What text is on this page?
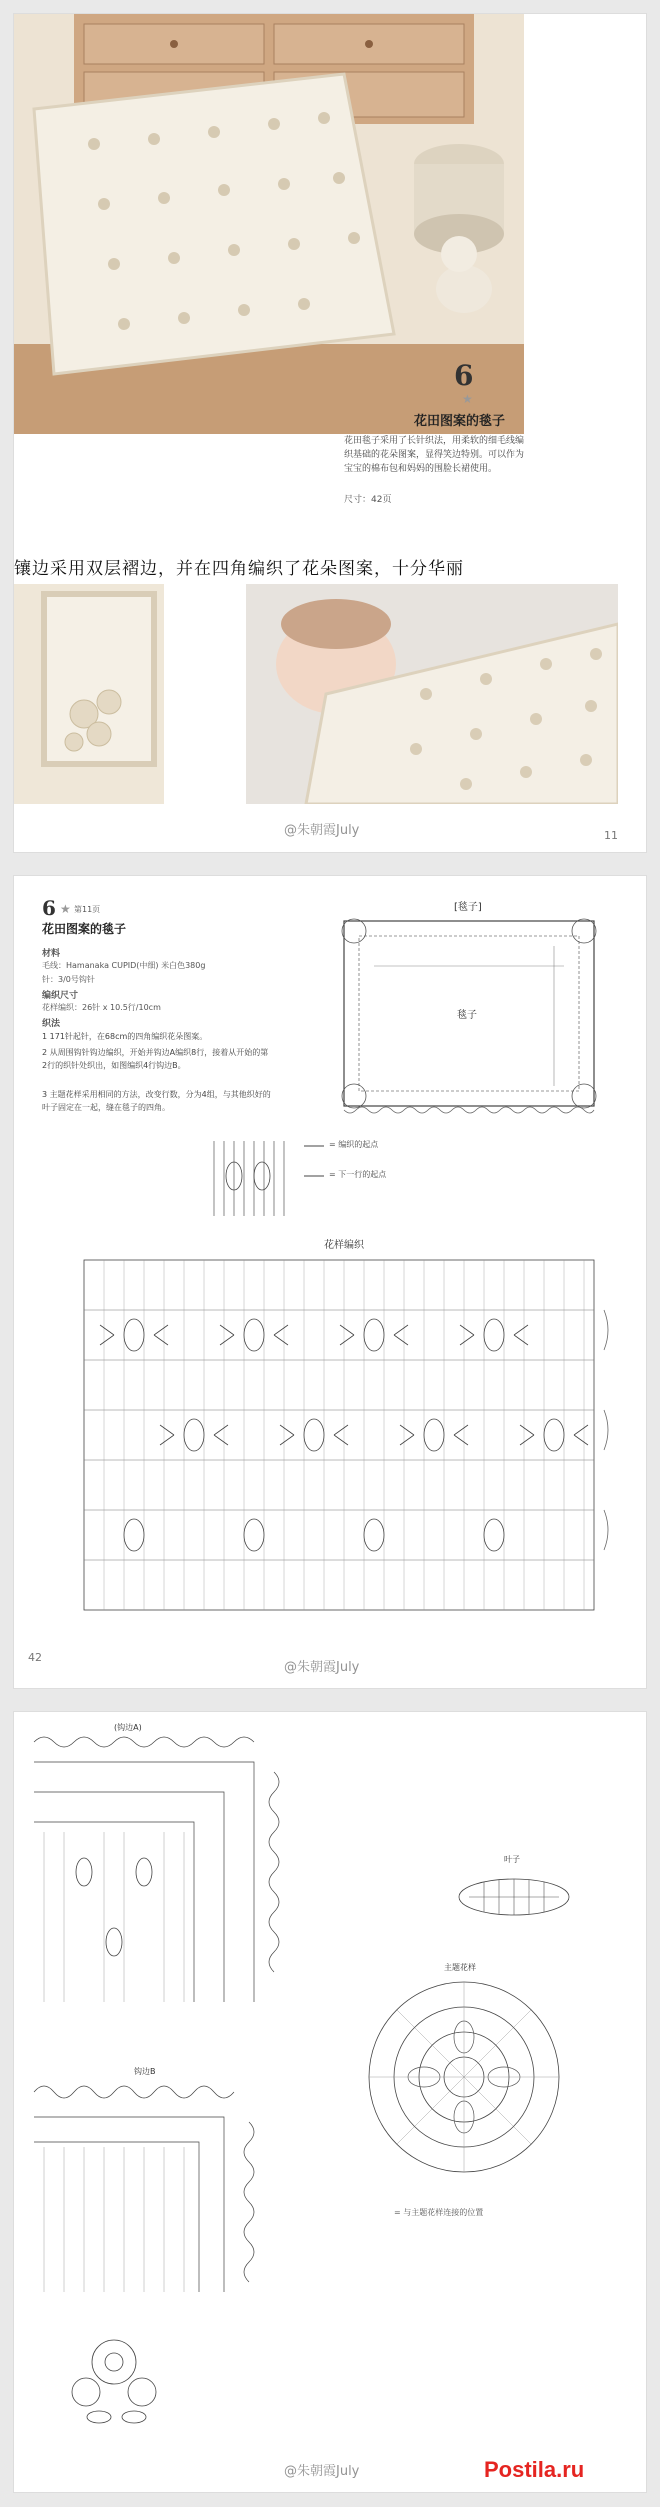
6
★
花田图案的毯子
花田毯子采用了长针织法，用柔软的细毛线编织基础的花朵图案，显得笑边特别。可以作为宝宝的棉布包和妈妈的围脸长裙使用。
尺寸：42页
镶边采用双层褶边，并在四角编织了花朵图案，十分华丽
@朱朝霞July	11
6 ★ 第11页
花田图案的毯子
材料
毛线：Hamanaka CUPID(中细) 米白色380g
针：3/0号钩针
编织尺寸
花样编织：26针 x 10.5行/10cm
织法
1 171针起针，在68cm的四角编织花朵图案。
2 从周围钩针钩边编织，开始并钩边A编织8行，接着从开始的第2行的织针处织出，如图编织4行钩边B。
3 主题花样采用相同的方法，改变行数，分为4组，与其他织好的叶子固定在一起，缝在毯子的四角。
[毯子]
毯子
= 编织的起点
= 下一行的起点
花样编织
@朱朝霞July
42
(钩边A)
叶子
主题花样
钩边B
= 与主题花样连接的位置
@朱朝霞July	Postila.ru
